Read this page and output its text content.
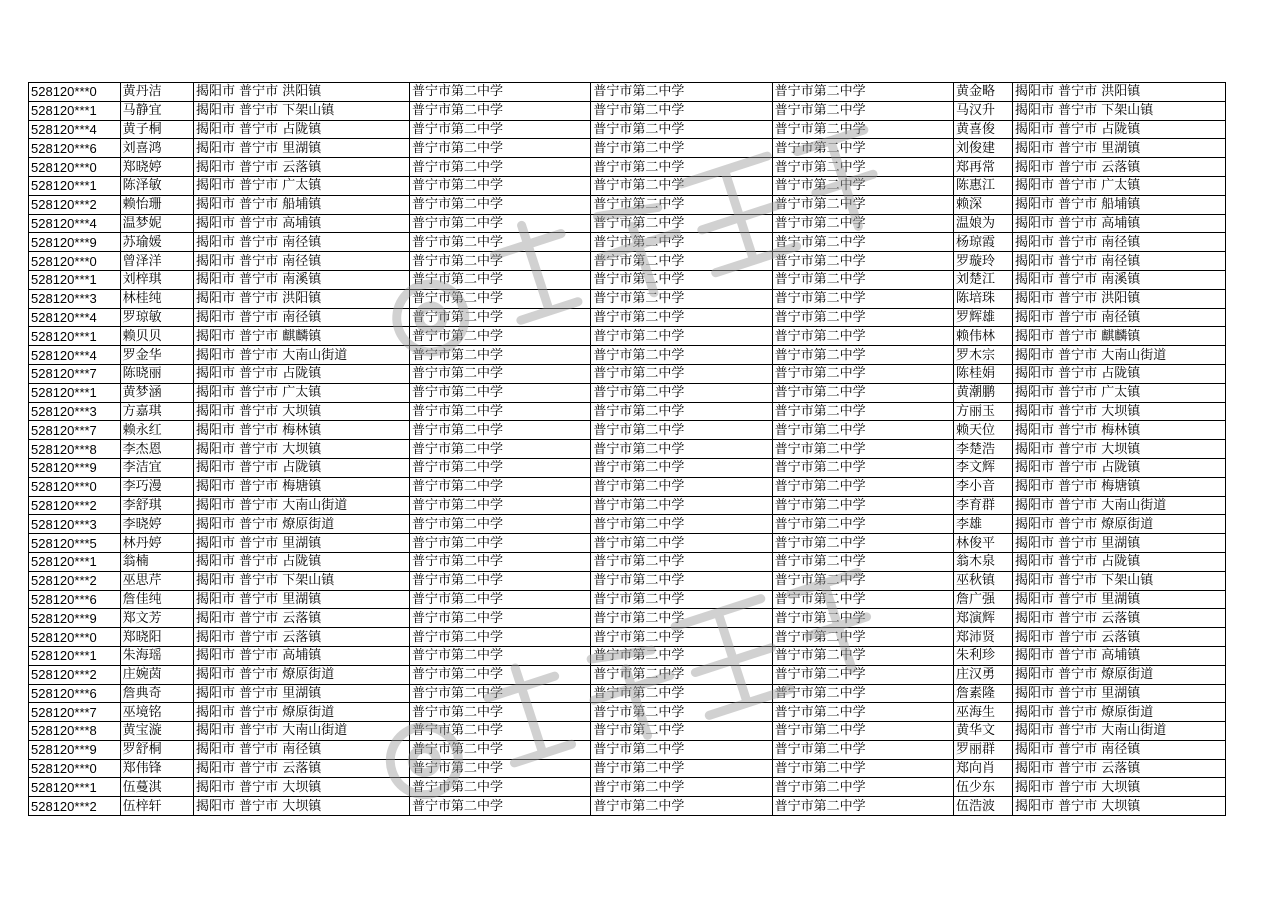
528120***0	黄丹洁	揭阳市 普宁市 洪阳镇	普宁市第二中学	普宁市第二中学	普宁市第二中学	黄金略	揭阳市 普宁市 洪阳镇
528120***1	马静宜	揭阳市 普宁市 下架山镇	普宁市第二中学	普宁市第二中学	普宁市第二中学	马汉升	揭阳市 普宁市 下架山镇
528120***4	黄子桐	揭阳市 普宁市 占陇镇	普宁市第二中学	普宁市第二中学	普宁市第二中学	黄喜俊	揭阳市 普宁市 占陇镇
528120***6	刘喜鸿	揭阳市 普宁市 里湖镇	普宁市第二中学	普宁市第二中学	普宁市第二中学	刘俊建	揭阳市 普宁市 里湖镇
528120***0	郑晓婷	揭阳市 普宁市 云落镇	普宁市第二中学	普宁市第二中学	普宁市第二中学	郑再常	揭阳市 普宁市 云落镇
528120***1	陈泽敏	揭阳市 普宁市 广太镇	普宁市第二中学	普宁市第二中学	普宁市第二中学	陈惠江	揭阳市 普宁市 广太镇
528120***2	赖怡珊	揭阳市 普宁市 船埔镇	普宁市第二中学	普宁市第二中学	普宁市第二中学	赖深	揭阳市 普宁市 船埔镇
528120***4	温梦妮	揭阳市 普宁市 高埔镇	普宁市第二中学	普宁市第二中学	普宁市第二中学	温娘为	揭阳市 普宁市 高埔镇
528120***9	苏瑜媛	揭阳市 普宁市 南径镇	普宁市第二中学	普宁市第二中学	普宁市第二中学	杨琼霞	揭阳市 普宁市 南径镇
528120***0	曾泽洋	揭阳市 普宁市 南径镇	普宁市第二中学	普宁市第二中学	普宁市第二中学	罗璇玲	揭阳市 普宁市 南径镇
528120***1	刘梓琪	揭阳市 普宁市 南溪镇	普宁市第二中学	普宁市第二中学	普宁市第二中学	刘楚江	揭阳市 普宁市 南溪镇
528120***3	林桂纯	揭阳市 普宁市 洪阳镇	普宁市第二中学	普宁市第二中学	普宁市第二中学	陈培珠	揭阳市 普宁市 洪阳镇
528120***4	罗琼敏	揭阳市 普宁市 南径镇	普宁市第二中学	普宁市第二中学	普宁市第二中学	罗辉雄	揭阳市 普宁市 南径镇
528120***1	赖贝贝	揭阳市 普宁市 麒麟镇	普宁市第二中学	普宁市第二中学	普宁市第二中学	赖伟林	揭阳市 普宁市 麒麟镇
528120***4	罗金华	揭阳市 普宁市 大南山街道	普宁市第二中学	普宁市第二中学	普宁市第二中学	罗木宗	揭阳市 普宁市 大南山街道
528120***7	陈晓丽	揭阳市 普宁市 占陇镇	普宁市第二中学	普宁市第二中学	普宁市第二中学	陈桂娟	揭阳市 普宁市 占陇镇
528120***1	黄梦涵	揭阳市 普宁市 广太镇	普宁市第二中学	普宁市第二中学	普宁市第二中学	黄潮鹏	揭阳市 普宁市 广太镇
528120***3	方嘉琪	揭阳市 普宁市 大坝镇	普宁市第二中学	普宁市第二中学	普宁市第二中学	方丽玉	揭阳市 普宁市 大坝镇
528120***7	赖永红	揭阳市 普宁市 梅林镇	普宁市第二中学	普宁市第二中学	普宁市第二中学	赖天位	揭阳市 普宁市 梅林镇
528120***8	李杰恩	揭阳市 普宁市 大坝镇	普宁市第二中学	普宁市第二中学	普宁市第二中学	李楚浩	揭阳市 普宁市 大坝镇
528120***9	李洁宜	揭阳市 普宁市 占陇镇	普宁市第二中学	普宁市第二中学	普宁市第二中学	李文辉	揭阳市 普宁市 占陇镇
528120***0	李巧漫	揭阳市 普宁市 梅塘镇	普宁市第二中学	普宁市第二中学	普宁市第二中学	李小音	揭阳市 普宁市 梅塘镇
528120***2	李舒琪	揭阳市 普宁市 大南山街道	普宁市第二中学	普宁市第二中学	普宁市第二中学	李育群	揭阳市 普宁市 大南山街道
528120***3	李晓婷	揭阳市 普宁市 燎原街道	普宁市第二中学	普宁市第二中学	普宁市第二中学	李雄	揭阳市 普宁市 燎原街道
528120***5	林丹婷	揭阳市 普宁市 里湖镇	普宁市第二中学	普宁市第二中学	普宁市第二中学	林俊平	揭阳市 普宁市 里湖镇
528120***1	翁楠	揭阳市 普宁市 占陇镇	普宁市第二中学	普宁市第二中学	普宁市第二中学	翁木泉	揭阳市 普宁市 占陇镇
528120***2	巫思芹	揭阳市 普宁市 下架山镇	普宁市第二中学	普宁市第二中学	普宁市第二中学	巫秋镇	揭阳市 普宁市 下架山镇
528120***6	詹佳纯	揭阳市 普宁市 里湖镇	普宁市第二中学	普宁市第二中学	普宁市第二中学	詹广强	揭阳市 普宁市 里湖镇
528120***9	郑文芳	揭阳市 普宁市 云落镇	普宁市第二中学	普宁市第二中学	普宁市第二中学	郑演辉	揭阳市 普宁市 云落镇
528120***0	郑晓阳	揭阳市 普宁市 云落镇	普宁市第二中学	普宁市第二中学	普宁市第二中学	郑沛贤	揭阳市 普宁市 云落镇
528120***1	朱海瑶	揭阳市 普宁市 高埔镇	普宁市第二中学	普宁市第二中学	普宁市第二中学	朱利珍	揭阳市 普宁市 高埔镇
528120***2	庄婉茵	揭阳市 普宁市 燎原街道	普宁市第二中学	普宁市第二中学	普宁市第二中学	庄汉勇	揭阳市 普宁市 燎原街道
528120***6	詹典奇	揭阳市 普宁市 里湖镇	普宁市第二中学	普宁市第二中学	普宁市第二中学	詹素隆	揭阳市 普宁市 里湖镇
528120***7	巫境铭	揭阳市 普宁市 燎原街道	普宁市第二中学	普宁市第二中学	普宁市第二中学	巫海生	揭阳市 普宁市 燎原街道
528120***8	黄宝漩	揭阳市 普宁市 大南山街道	普宁市第二中学	普宁市第二中学	普宁市第二中学	黄华文	揭阳市 普宁市 大南山街道
528120***9	罗舒桐	揭阳市 普宁市 南径镇	普宁市第二中学	普宁市第二中学	普宁市第二中学	罗丽群	揭阳市 普宁市 南径镇
528120***0	郑伟锋	揭阳市 普宁市 云落镇	普宁市第二中学	普宁市第二中学	普宁市第二中学	郑向肖	揭阳市 普宁市 云落镇
528120***1	伍蔓淇	揭阳市 普宁市 大坝镇	普宁市第二中学	普宁市第二中学	普宁市第二中学	伍少东	揭阳市 普宁市 大坝镇
528120***2	伍梓轩	揭阳市 普宁市 大坝镇	普宁市第二中学	普宁市第二中学	普宁市第二中学	伍浩波	揭阳市 普宁市 大坝镇
